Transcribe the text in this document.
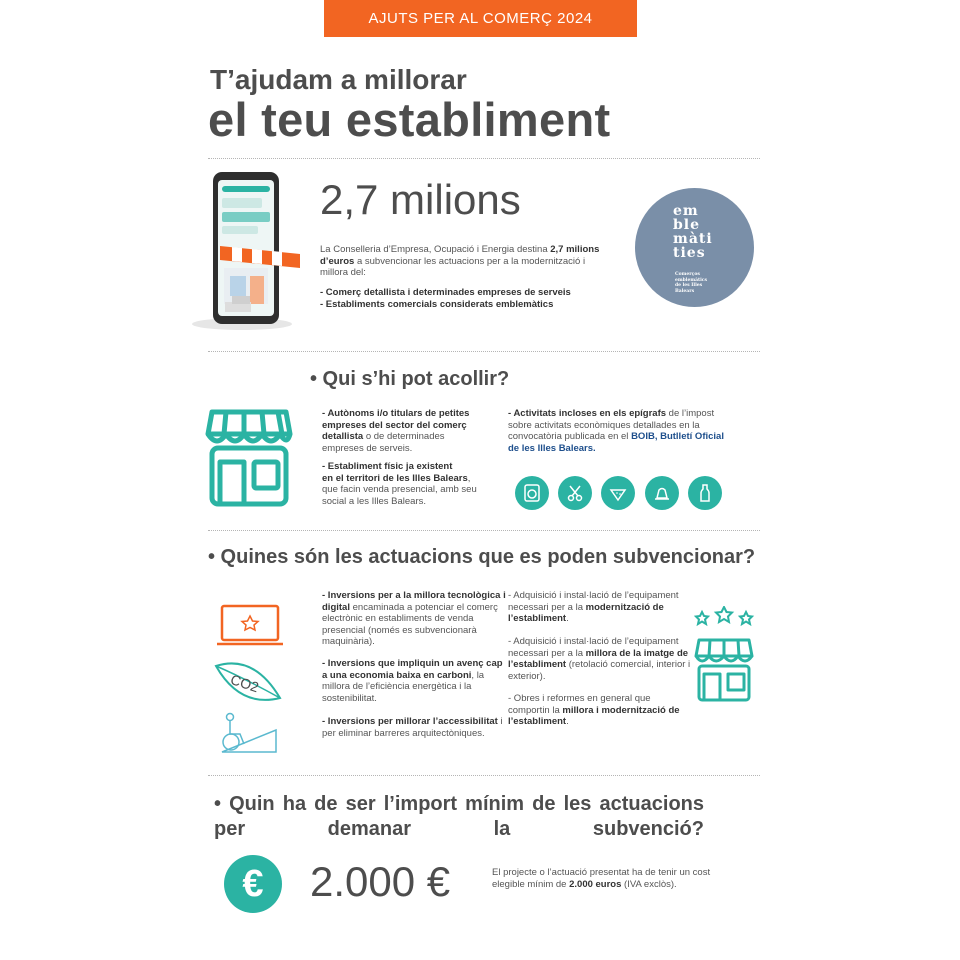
AJUTS PER AL COMERÇ 2024
T’ajudam a millorar
el teu establiment
2,7 milions
La Conselleria d’Empresa, Ocupació i Energia destina 2,7 milions d’euros a subvencionar les actuacions per a la modernització i millora del:
- Comerç detallista i determinades empreses de serveis
- Establiments comercials considerats emblemàtics
em
ble
màti
ties
Comerços
emblemàtics
de les Illes
Balears
• Qui s’hi pot acollir?
- Autònoms i/o titulars de petites empreses del sector del comerç detallista o de determinades empreses de serveis.
- Establiment físic ja existent
en el territori de les Illes Balears, que facin venda presencial, amb seu social a les Illes Balears.
- Activitats incloses en els epígrafs de l’impost sobre activitats econòmiques detallades en la convocatòria publicada en el BOIB, Butlletí Oficial de les Illes Balears.
• Quines són les actuacions que es poden subvencionar?
CO2
- Inversions per a la millora tecnològica i digital encaminada a potenciar el comerç electrònic en establiments de venda presencial (només es subvencionarà maquinària).
- Inversions que impliquin un avenç cap a una economia baixa en carboni, la millora de l’eficiència energètica i la sostenibilitat.
- Inversions per millorar l’accessibilitat i per eliminar barreres arquitectòniques.
- Adquisició i instal·lació de l’equipament necessari per a la modernització de l’establiment.
- Adquisició i instal·lació de l’equipament necessari per a la millora de la imatge de l’establiment (retolació comercial, interior i exterior).
- Obres i reformes en general que comportin la millora i modernització de l’establiment.
• Quin ha de ser l’import mínim de les actuacions per demanar la subvenció?
€ 2.000 €	El projecte o l’actuació presentat ha de tenir un cost elegible mínim de 2.000 euros (IVA exclòs).
